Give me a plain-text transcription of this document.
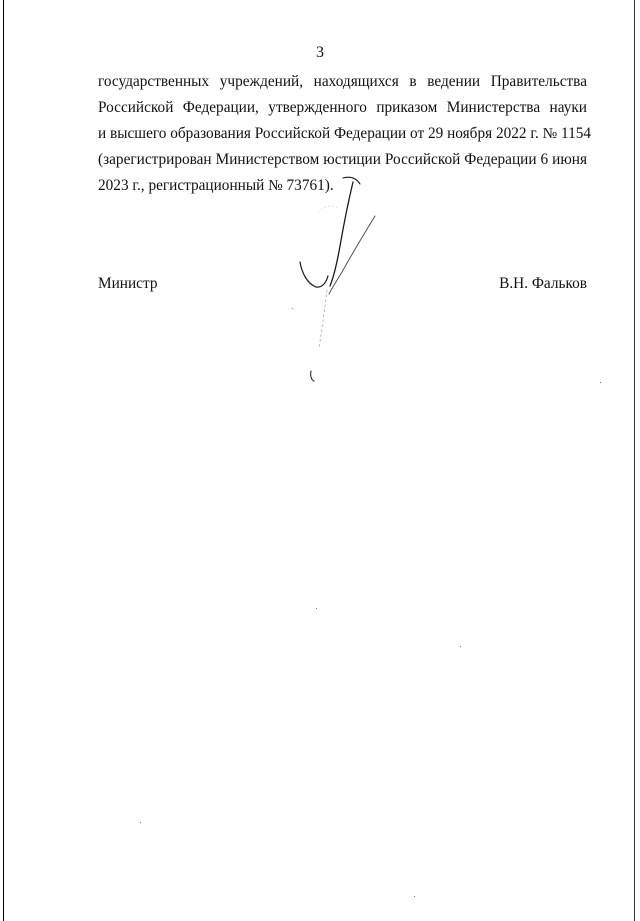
3
государственных учреждений, находящихся в ведении Правительства
Российской Федерации, утвержденного приказом Министерства науки
и высшего образования Российской Федерации от 29 ноября 2022 г. № 1154
(зарегистрирован Министерством юстиции Российской Федерации 6 июня
2023 г., регистрационный № 73761).
Министр	В.Н. Фальков
